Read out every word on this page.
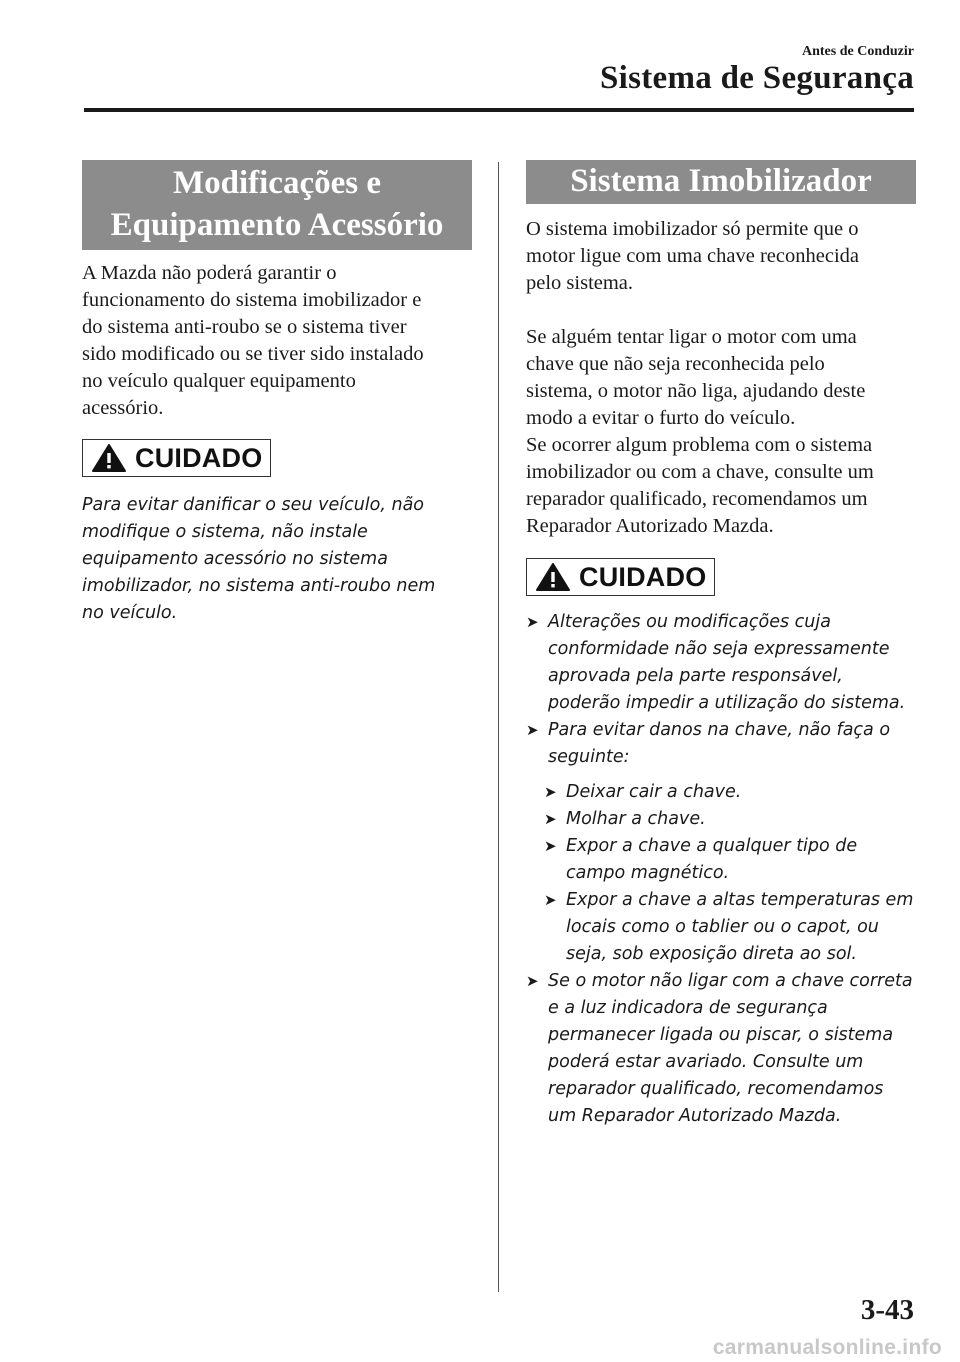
Antes de Conduzir
Sistema de Segurança
Modificações e
Equipamento Acessório
A Mazda não poderá garantir o
funcionamento do sistema imobilizador e
do sistema anti-roubo se o sistema tiver
sido modificado ou se tiver sido instalado
no veículo qualquer equipamento
acessório.
CUIDADO
Para evitar danificar o seu veículo, não
modifique o sistema, não instale
equipamento acessório no sistema
imobilizador, no sistema anti-roubo nem
no veículo.
Sistema Imobilizador
O sistema imobilizador só permite que o
motor ligue com uma chave reconhecida
pelo sistema.
Se alguém tentar ligar o motor com uma
chave que não seja reconhecida pelo
sistema, o motor não liga, ajudando deste
modo a evitar o furto do veículo.
Se ocorrer algum problema com o sistema
imobilizador ou com a chave, consulte um
reparador qualificado, recomendamos um
Reparador Autorizado Mazda.
CUIDADO
➤ Alterações ou modificações cuja
conformidade não seja expressamente
aprovada pela parte responsável,
poderão impedir a utilização do sistema.
➤ Para evitar danos na chave, não faça o
seguinte:
➤ Deixar cair a chave.
➤ Molhar a chave.
➤ Expor a chave a qualquer tipo de
campo magnético.
➤ Expor a chave a altas temperaturas em
locais como o tablier ou o capot, ou
seja, sob exposição direta ao sol.
➤ Se o motor não ligar com a chave correta
e a luz indicadora de segurança
permanecer ligada ou piscar, o sistema
poderá estar avariado. Consulte um
reparador qualificado, recomendamos
um Reparador Autorizado Mazda.
3-43
carmanualsonline.info
